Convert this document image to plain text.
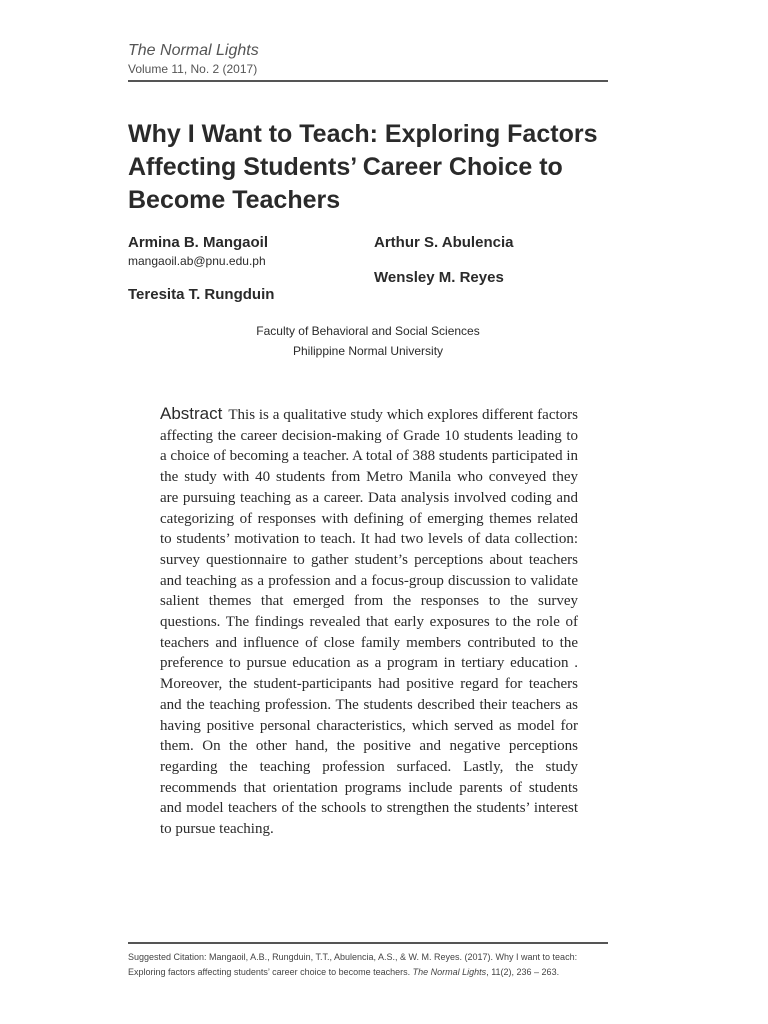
The Normal Lights
Volume 11, No. 2 (2017)
Why I Want to Teach: Exploring Factors Affecting Students’ Career Choice to Become Teachers
Armina B. Mangaoil
mangaoil.ab@pnu.edu.ph
Teresita T. Rungduin
Arthur S. Abulencia
Wensley M. Reyes
Faculty of Behavioral and Social Sciences
Philippine Normal University

Abstract This is a qualitative study which explores different factors affecting the career decision-making of Grade 10 students leading to a choice of becoming a teacher. A total of 388 students participated in the study with 40 students from Metro Manila who conveyed they are pursuing teaching as a career. Data analysis involved coding and categorizing of responses with defining of emerging themes related to students’ motivation to teach. It had two levels of data collection: survey questionnaire to gather student’s perceptions about teachers and teaching as a profession and a focus-group discussion to validate salient themes that emerged from the responses to the survey questions. The findings revealed that early exposures to the role of teachers and influence of close family members contributed to the preference to pursue education as a program in tertiary education . Moreover, the student-participants had positive regard for teachers and the teaching profession. The students described their teachers as having positive personal characteristics, which served as model for them. On the other hand, the positive and negative perceptions regarding the teaching profession surfaced. Lastly, the study recommends that orientation programs include parents of students and model teachers of the schools to strengthen the students’ interest to pursue teaching.

Suggested Citation: Mangaoil, A.B., Rungduin, T.T., Abulencia, A.S., & W. M. Reyes. (2017). Why I want to teach: Exploring factors affecting students’ career choice to become teachers. The Normal Lights, 11(2), 236 – 263.
